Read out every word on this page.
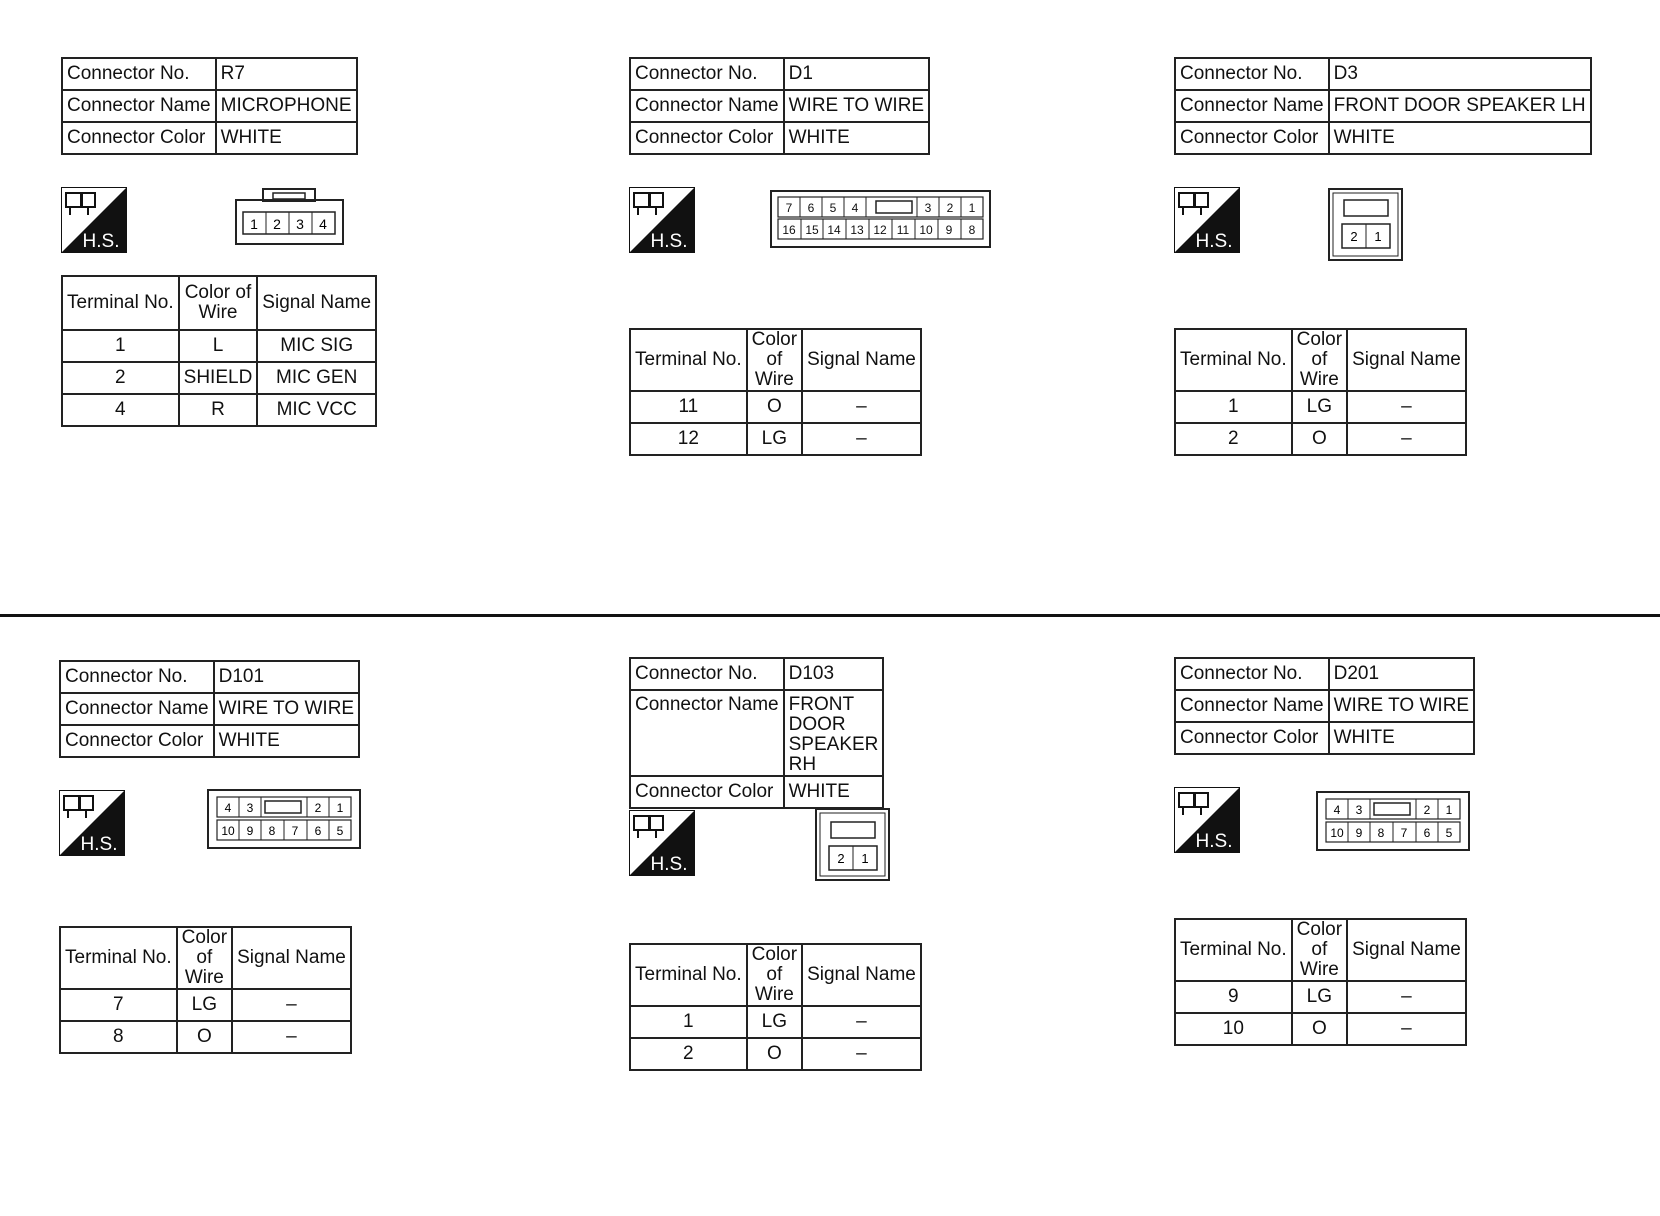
Connector No.	R7
Connector Name	MICROPHONE
Connector Color	WHITE
H.S.
1 2 3 4
Terminal No.	Color of Wire	Signal Name
1	L	MIC SIG
2	SHIELD	MIC GEN
4	R	MIC VCC
Connector No.	D1
Connector Name	WIRE TO WIRE
Connector Color	WHITE
H.S.
7 6 5 4	3 2 1
16 15 14 13 12 11 10 9 8
Terminal No.	Color of Wire	Signal Name
11	O	–
12	LG	–
Connector No.	D3
Connector Name	FRONT DOOR SPEAKER LH
Connector Color	WHITE
H.S.	2 1
Terminal No.	Color of Wire	Signal Name
1	LG	–
2	O	–
Connector No.	D101
Connector Name	WIRE TO WIRE
Connector Color	WHITE
H.S.
4 3	2 1
10 9 8 7 6 5
Terminal No.	Color of Wire	Signal Name
7	LG	–
8	O	–
Connector No.	D103
Connector Name	FRONT DOOR SPEAKER RH
Connector Color	WHITE
H.S.	2 1
Terminal No.	Color of Wire	Signal Name
1	LG	–
2	O	–
Connector No.	D201
Connector Name	WIRE TO WIRE
Connector Color	WHITE
H.S.
4 3	2 1
10 9 8 7 6 5
Terminal No.	Color of Wire	Signal Name
9	LG	–
10	O	–
